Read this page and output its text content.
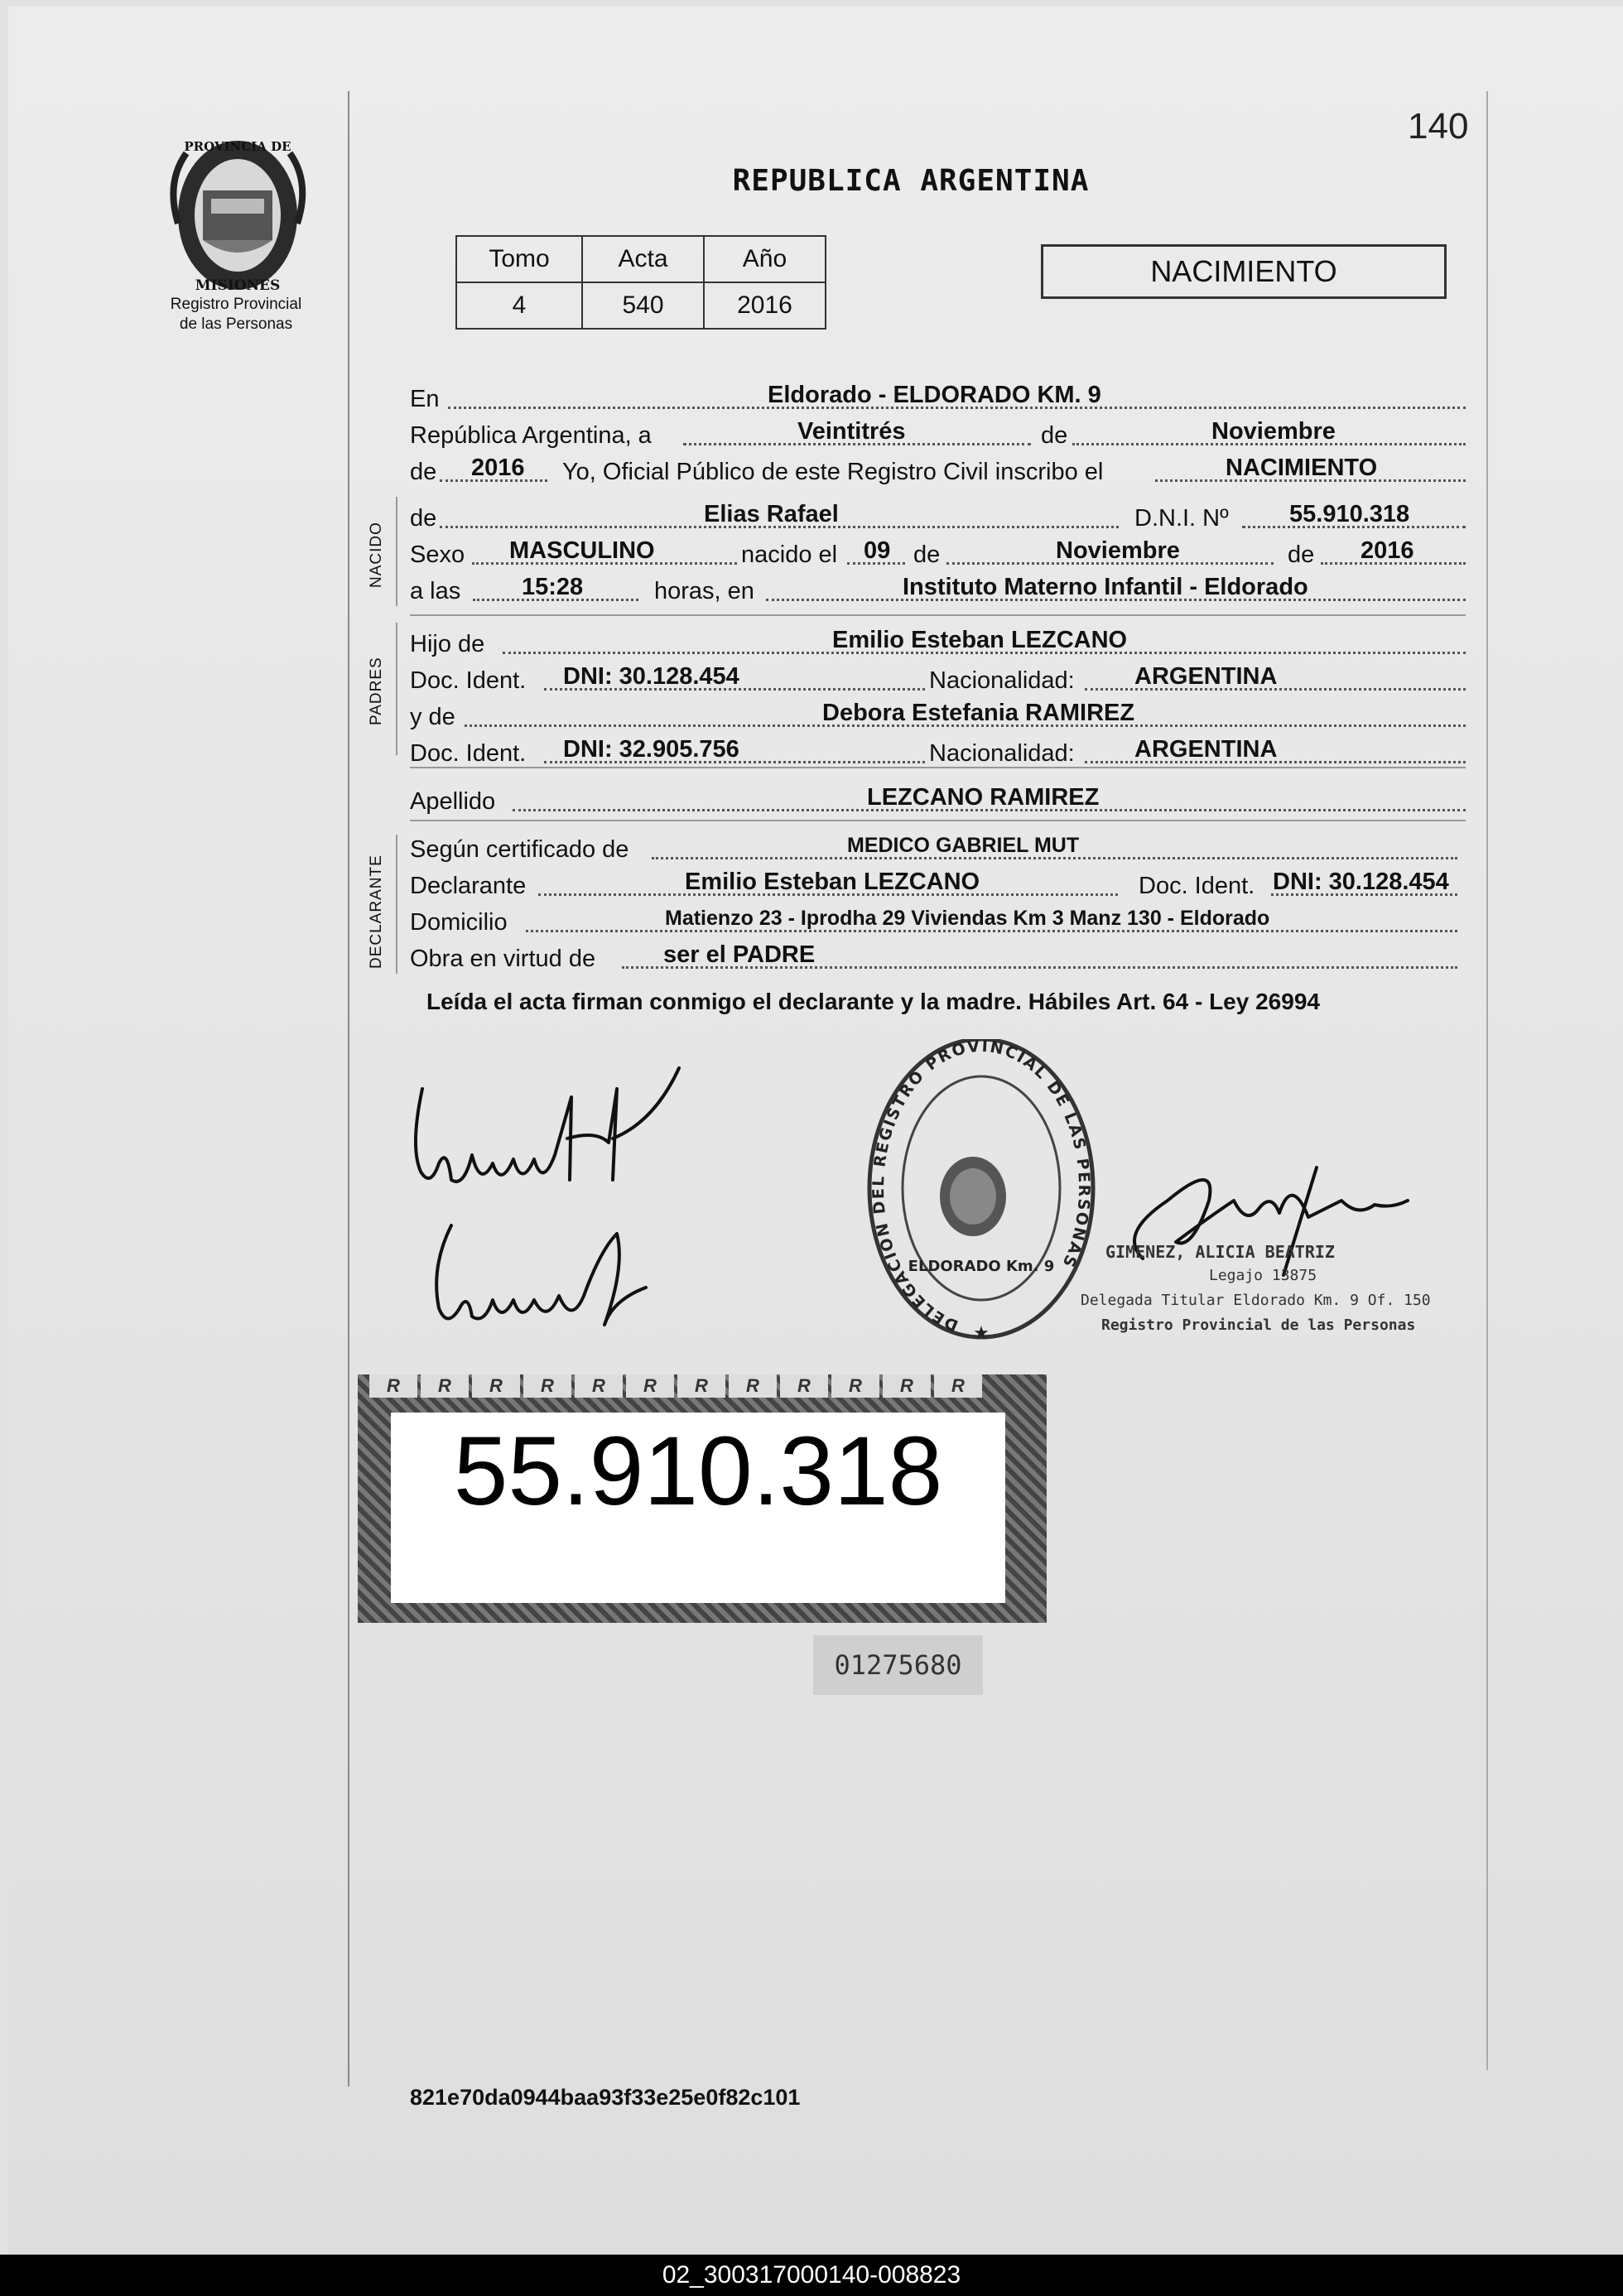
140
PROVINCIA DE
MISIONES
Registro Provincial
de las Personas
REPUBLICA ARGENTINA
Tomo	Acta	Año
4	540	2016
NACIMIENTO
En	Eldorado - ELDORADO KM. 9
República Argentina, a	Veintitrés	de	Noviembre
de 2016 Yo, Oficial Público de este Registro Civil inscribo el	NACIMIENTO
NACIDO
de	Elias Rafael	D.N.I. Nº	55.910.318
Sexo MASCULINO	nacido el 09 de	Noviembre	de 2016
a las	15:28	horas, en	Instituto Materno Infantil - Eldorado
PADRES
Hijo de	Emilio Esteban LEZCANO
Doc. Ident. DNI: 30.128.454	Nacionalidad: ARGENTINA
y de	Debora Estefania RAMIREZ
Doc. Ident. DNI: 32.905.756	Nacionalidad: ARGENTINA
Apellido	LEZCANO RAMIREZ
DECLARANTE
Según certificado de	MEDICO GABRIEL MUT
Declarante	Emilio Esteban LEZCANO	Doc. Ident. DNI: 30.128.454
Domicilio	Matienzo 23 - Iprodha 29 Viviendas Km 3 Manz 130 - Eldorado
Obra en virtud de	ser el PADRE
Leída el acta firman conmigo el declarante y la madre. Hábiles Art. 64 - Ley 26994
DELEGACION DEL REGISTRO PROVINCIAL DE LAS PERSONAS
ELDORADO Km. 9
★
GIMENEZ, ALICIA BEATRIZ
Legajo 13875
Delegada Titular Eldorado Km. 9 Of. 150
Registro Provincial de las Personas
R	R	R	R	R	R	R	R	R	R	R	R
55.910.318
01275680
821e70da0944baa93f33e25e0f82c101
02_300317000140-008823
